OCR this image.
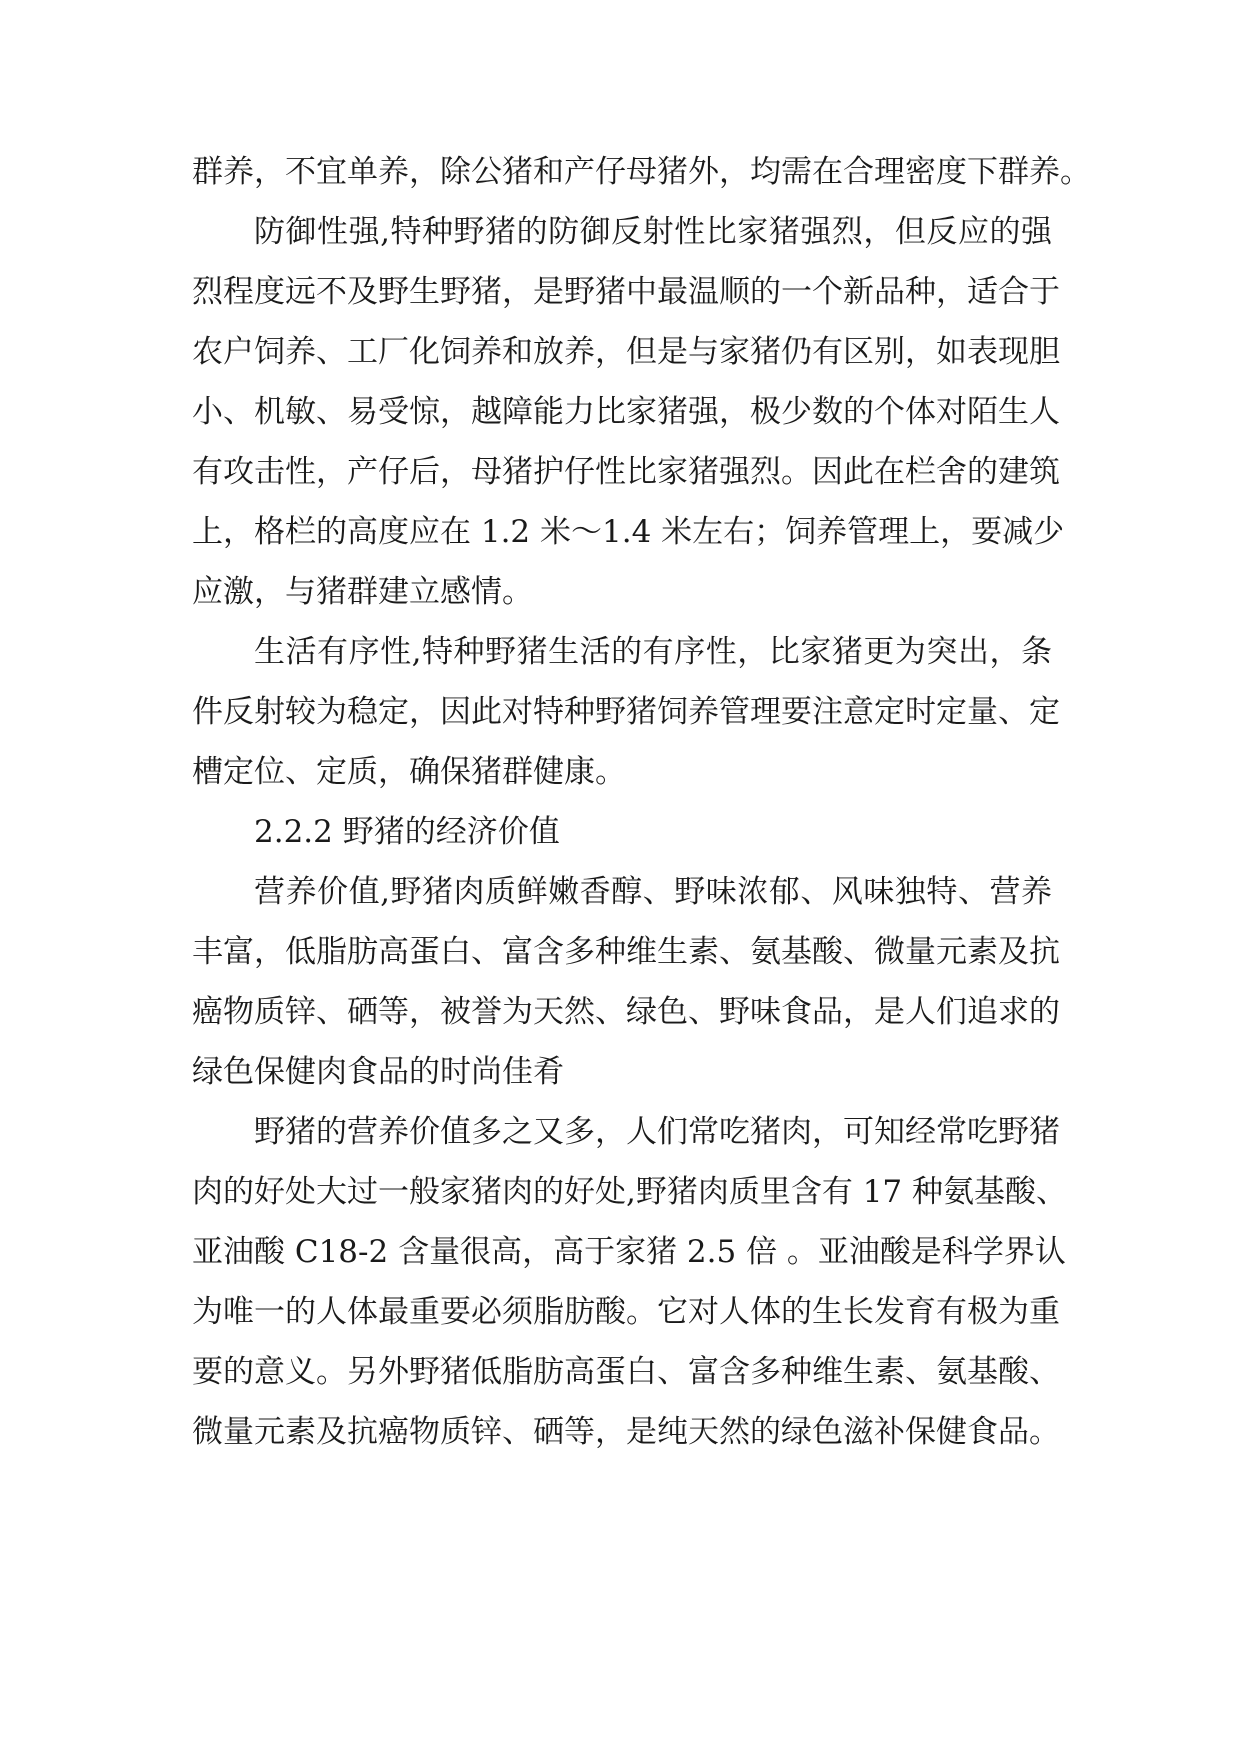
群养，不宜单养，除公猪和产仔母猪外，均需在合理密度下群养。
防御性强,特种野猪的防御反射性比家猪强烈，但反应的强
烈程度远不及野生野猪，是野猪中最温顺的一个新品种，适合于
农户饲养、工厂化饲养和放养，但是与家猪仍有区别，如表现胆
小、机敏、易受惊，越障能力比家猪强，极少数的个体对陌生人
有攻击性，产仔后，母猪护仔性比家猪强烈。因此在栏舍的建筑
上，格栏的高度应在 1.2 米～1.4 米左右；饲养管理上，要减少
应激，与猪群建立感情。
生活有序性,特种野猪生活的有序性，比家猪更为突出，条
件反射较为稳定，因此对特种野猪饲养管理要注意定时定量、定
槽定位、定质，确保猪群健康。
2.2.2 野猪的经济价值
营养价值,野猪肉质鲜嫩香醇、野味浓郁、风味独特、营养
丰富，低脂肪高蛋白、富含多种维生素、氨基酸、微量元素及抗
癌物质锌、硒等，被誉为天然、绿色、野味食品，是人们追求的
绿色保健肉食品的时尚佳肴
野猪的营养价值多之又多，人们常吃猪肉，可知经常吃野猪
肉的好处大过一般家猪肉的好处,野猪肉质里含有 17 种氨基酸、
亚油酸 C18-2 含量很高，高于家猪 2.5 倍 。亚油酸是科学界认
为唯一的人体最重要必须脂肪酸。它对人体的生长发育有极为重
要的意义。另外野猪低脂肪高蛋白、富含多种维生素、氨基酸、
微量元素及抗癌物质锌、硒等，是纯天然的绿色滋补保健食品。
